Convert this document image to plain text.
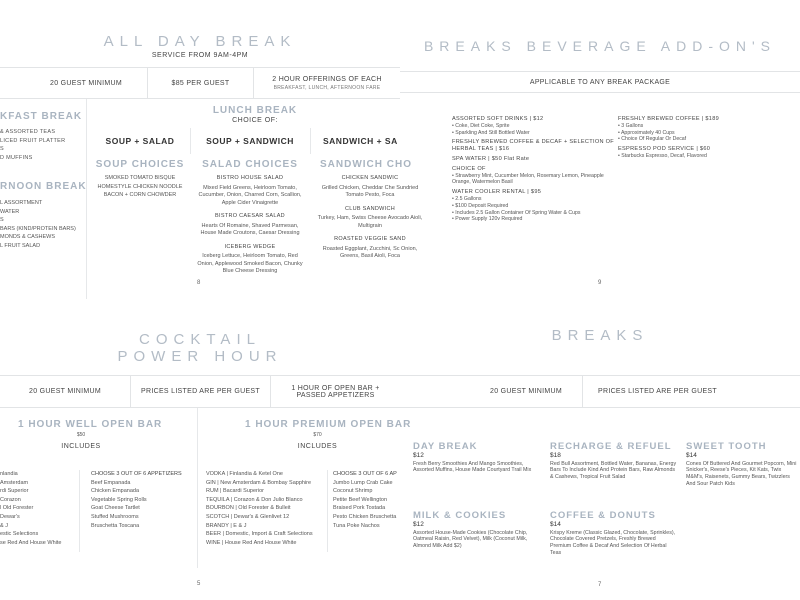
ALL DAY BREAK
SERVICE FROM 9AM-4PM
20 GUEST MINIMUM	$85 PER GUEST
2 HOUR OFFERINGS OF EACH
BREAKFAST, LUNCH, AFTERNOON FARE
KFAST BREAK
& ASSORTED TEAS
LICED FRUIT PLATTER
S
D MUFFINS
RNOON BREAK
L ASSORTMENT
WATER
S
BARS (KIND/PROTEIN BARS)
MONDS & CASHEWS
L FRUIT SALAD
LUNCH BREAK
CHOICE OF:
SOUP + SALAD	SOUP + SANDWICH	SANDWICH + SA
SOUP CHOICES
SMOKED TOMATO BISQUE
HOMESTYLE CHICKEN NOODLE
BACON + CORN CHOWDER
SALAD CHOICES
BISTRO HOUSE SALAD
Mixed Field Greens, Heirloom Tomato, Cucumber, Onion, Charred Corn, Scallion, Apple Cider Vinaigrette
BISTRO CAESAR SALAD
Hearts Of Romaine, Shaved Parmesan, House Made Croutons, Caesar Dressing
ICEBERG WEDGE
Iceberg Lettuce, Heirloom Tomato, Red Onion, Applewood Smoked Bacon, Chunky Blue Cheese Dressing
SANDWICH CHO
CHICKEN SANDWIC
Grilled Chicken, Cheddar Che Sundried Tomato Pesto, Foca
CLUB SANDWICH
Turkey, Ham, Swiss Cheese Avocado Aioli, Multigrain
ROASTED VEGGIE SAND
Roasted Eggplant, Zucchini, Sc Onion, Greens, Basil Aioli, Foca
8
BREAKS BEVERAGE ADD-ON'S
APPLICABLE TO ANY BREAK PACKAGE
ASSORTED SOFT DRINKS | $12
• Coke, Diet Coke, Sprite
• Sparkling And Still Bottled Water
FRESHLY BREWED COFFEE & DECAF + SELECTION OF HERBAL TEAS | $16
SPA WATER | $50 Flat Rate
CHOICE OF
• Strawberry Mint, Cucumber Melon, Rosemary Lemon, Pineapple Orange, Watermelon Basil
WATER COOLER RENTAL | $95
• 2.5 Gallons
• $100 Deposit Required
• Includes 2.5 Gallon Container Of Spring Water & Cups
• Power Supply 120v Required
FRESHLY BREWED COFFEE | $189
• 3 Gallons
• Approximately 40 Cups
• Choice Of Regular Or Decaf
ESPRESSO POD SERVICE | $60
• Starbucks Espresso, Decaf, Flavored
9
COCKTAIL
POWER HOUR
20 GUEST MINIMUM	PRICES LISTED ARE PER GUEST	1 HOUR OF OPEN BAR + PASSED APPETIZERS
1 HOUR WELL OPEN BAR
$50
INCLUDES
nlandia
Amsterdam
rdi Superior
Corazon
l Old Forester
Dewar's
& J
estic Selections
se Red And House White
CHOOSE 3 OUT OF 6 APPETIZERS
Beef Empanada
Chicken Empanada
Vegetable Spring Rolls
Goat Cheese Tartlet
Stuffed Mushrooms
Bruschetta Toscana
1 HOUR PREMIUM OPEN BAR
$70
INCLUDES
VODKA | Finlandia & Ketel One
GIN | New Amsterdam & Bombay Sapphire
RUM | Bacardi Superior
TEQUILA | Corazon & Don Julio Blanco
BOURBON | Old Forester & Bulleit
SCOTCH | Dewar's & Glenlivet 12
BRANDY | E & J
BEER | Domestic, Import & Craft Selections
WINE | House Red And House White
CHOOSE 3 OUT OF 6 AP
Jumbo Lump Crab Cake
Coconut Shrimp
Petite Beef Wellington
Braised Pork Tostada
Pesto Chicken Bruschetta
Tuna Poke Nachos
5
BREAKS
20 GUEST MINIMUM	PRICES LISTED ARE PER GUEST
DAY BREAK
$12
Fresh Berry Smoothies And Mango Smoothies, Assorted Muffins, House Made Courtyard Trail Mix
RECHARGE & REFUEL
$18
Red Bull Assortment, Bottled Water, Bananas, Energy Bars To Include Kind And Protein Bars, Raw Almonds & Cashews, Tropical Fruit Salad
SWEET TOOTH
$14
Cones Of Buttered And Gourmet Popcorn, Mini Snicker's, Reese's Pieces, Kit Kats, Twix M&M's, Raisenets, Gummy Bears, Twizzlers And Sour Patch Kids
MILK & COOKIES
$12
Assorted House-Made Cookies (Chocolate Chip, Oatmeal Raisin, Red Velvet), Milk (Coconut Milk, Almond Milk Add $2)
COFFEE & DONUTS
$14
Krispy Kreme (Classic Glazed, Chocolate, Sprinkles), Chocolate Covered Pretzels, Freshly Brewed Premium Coffee & Decaf And Selection Of Herbal Teas
7
